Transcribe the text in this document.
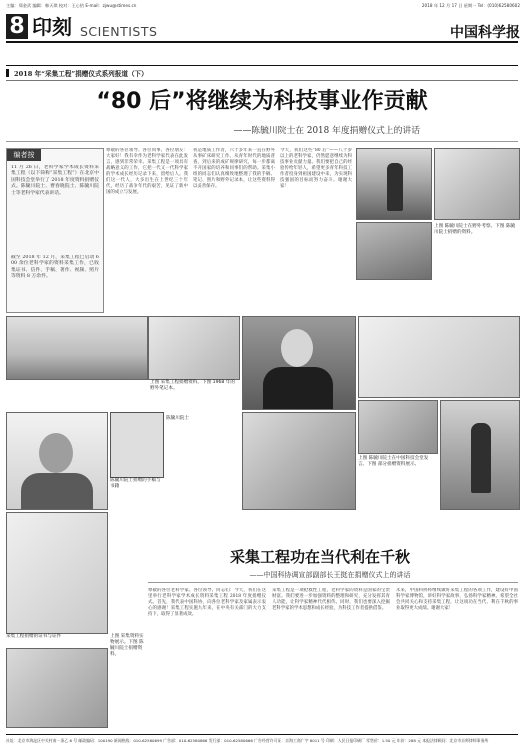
主编：郑金武 编辑：韩天琪 校对：王心怡 E-mail：zjwu@stimes.cn	2018 年 12 月 17 日 星期一 Tel：(010)62580602
8 印刻 SCIENTISTS	中国科学报
2018 年“采集工程”捐赠仪式系列报道（下）
“80 后”将继续为科技事业作贡献
——陈毓川院士在 2018 年度捐赠仪式上的讲话
编者按
11 月 26 日，老科学家学术成长资料采集工程（以下简称“采集工程”）在北京中国科技会堂举行了 2018 年度资料捐赠仪式。陈毓川院士、曹春晓院士、陈毓川院士等老科学家代表讲话。
截至 2018 年 12 月，采集工程已启动 600 余位老科学家的资料采集工作，已收集证书、信件、手稿、著作、视频、照片等资料 8 万余件。
尊敬的各位领导、各位同事、各位朋友：大家好！我有幸作为老科学家代表在此发言，感到非常荣幸。采集工程是一项具有战略意义的工作，它把一代又一代科学家的学术成长经历记录下来，留给后人。我们这一代人，大多出生在上世纪三十年代，经历了战争年代的艰苦，见证了新中国的成立与发展。
我是地质工作者，六十多年来一直在野外从事矿床研究工作。从青年时代的地质普查，到后来的成矿规律研究，每一步都离不开国家的培养和同事们的帮助。采集小组的同志们认真细致地整理了我的手稿、笔记、照片和野外记录本，让这些资料得以妥善保存。
今天，我们这些“80 后”——八十岁以上的老科学家，仍然愿意继续为科技事业贡献力量。我们要把自己的经验传给年轻人，希望更多青年科技工作者投身到祖国建设中来，为实现科技强国的目标而努力奋斗。谢谢大家！
上图 陈毓川院士在野外考察。下图 陈毓川院士捐赠的资料。
上图 采集工程捐赠资料。下图 1968 年的野外笔记本。
陈毓川院士捐赠的手稿与书籍
陈毓川院士
上图 陈毓川院士在中国科技会堂发言。下图 部分捐赠资料展示。
采集工程捐赠的证书与证件	上图 采集资料实物展示。下图 陈毓川院士捐赠资料。
采集工程功在当代利在千秋
——中国科协调宣部副部长王挺在捐赠仪式上的讲话
尊敬的各位老科学家、各位领导、同志们：今天，我们在这里举行老科学家学术成长资料采集工程 2018 年度捐赠仪式。首先，我代表中国科协，向各位老科学家及家属表示衷心的感谢！采集工程实施九年来，在中央有关部门的大力支持下，取得了显著成效。
采集工程是一项抢救性工程，老科学家的资料是国家的宝贵财富。我们要进一步加强资料的整理和研究，充分发挥其育人功能，让科学家精神代代相传。同时，我们也要深入挖掘老科学家的学术思想和成长经验，为科技工作者提供借鉴。
未来，中国科协将继续做好采集工程的各项工作，建设好中国科学家博物馆，讲好科学家故事，弘扬科学家精神。希望全社会共同关心和支持采集工程，让这项功在当代、利在千秋的事业取得更大成绩。谢谢大家！
社址：北京市海淀区中关村南一条乙 6 号 邮政编码：100190 新闻热线：010-62580699 广告部：010-62580866 发行部：010-62580666 广告经营许可证：京海工商广字 8011 号 印刷：人民日报印刷厂 零售价：1.50 元 年价：288 元 本报法律顾问：北京市京师律师事务所
